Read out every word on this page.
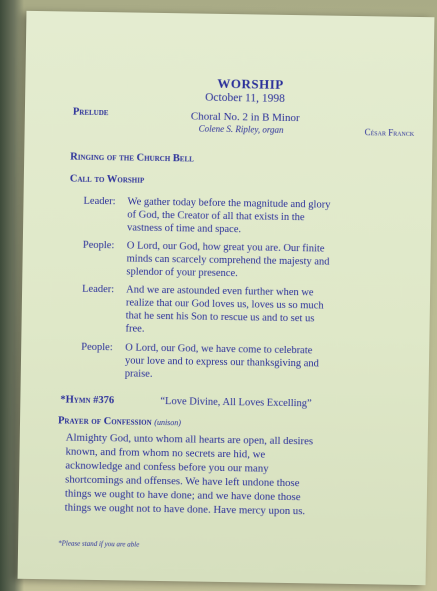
WORSHIP
October 11, 1998
Prelude	Choral No. 2 in B Minor
Colene S. Ripley, organ	César Franck
Ringing of the Church Bell
Call to Worship
Leader: We gather today before the magnitude and glory
of God, the Creator of all that exists in the
vastness of time and space.
People: O Lord, our God, how great you are. Our finite
minds can scarcely comprehend the majesty and
splendor of your presence.
Leader: And we are astounded even further when we
realize that our God loves us, loves us so much
that he sent his Son to rescue us and to set us
free.
People: O Lord, our God, we have come to celebrate
your love and to express our thanksgiving and
praise.
*Hymn #376	“Love Divine, All Loves Excelling”
Prayer of Confession (unison)
Almighty God, unto whom all hearts are open, all desires
known, and from whom no secrets are hid, we
acknowledge and confess before you our many
shortcomings and offenses. We have left undone those
things we ought to have done; and we have done those
things we ought not to have done. Have mercy upon us.
*Please stand if you are able
